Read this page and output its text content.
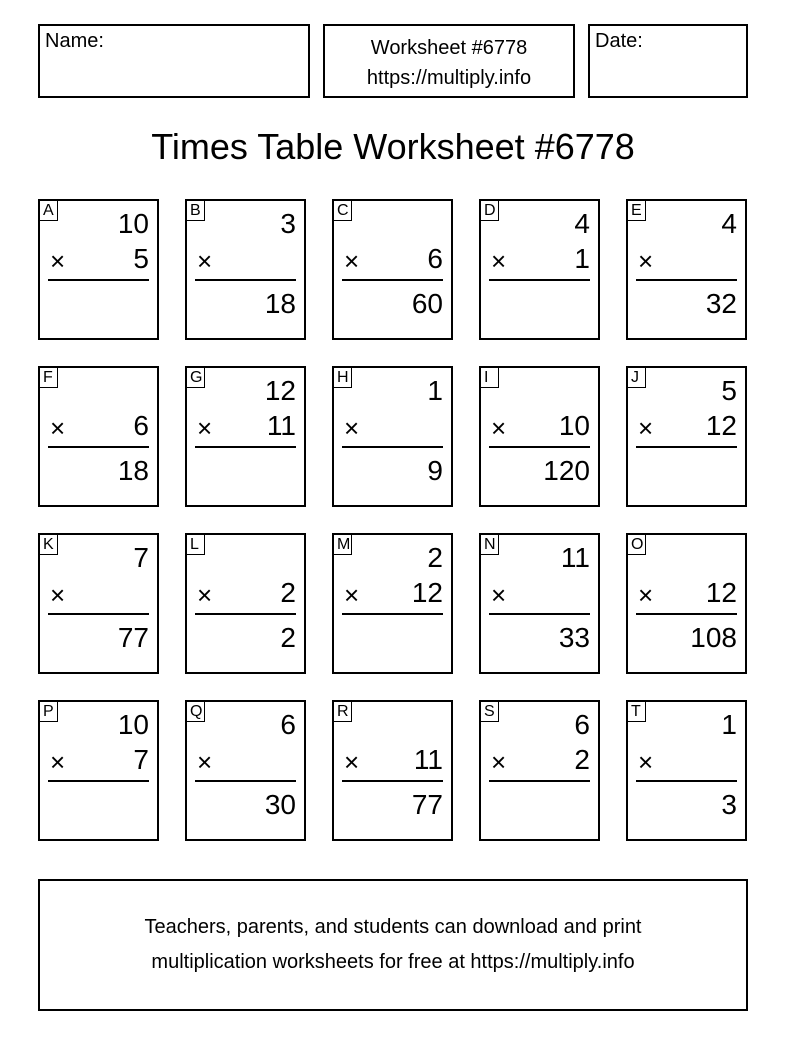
Name:	Worksheet #6778
https://multiply.info
Date:
Times Table Worksheet #6778
A 10
× 5
B	3
×
18
C
× 6
60
D	4
× 1
E	4
×
32
F
× 6
18
G 12
× 11
H	1
×
9
I
× 10
120
J	5
× 12
K	7
×
77
L
× 2
2
M	2
× 12
N 11
×
33
O
× 12
108
P 10
× 7
Q	6
×
30
R
× 11
77
S	6
× 2
T	1
×
3
Teachers, parents, and students can download and print
multiplication worksheets for free at https://multiply.info
